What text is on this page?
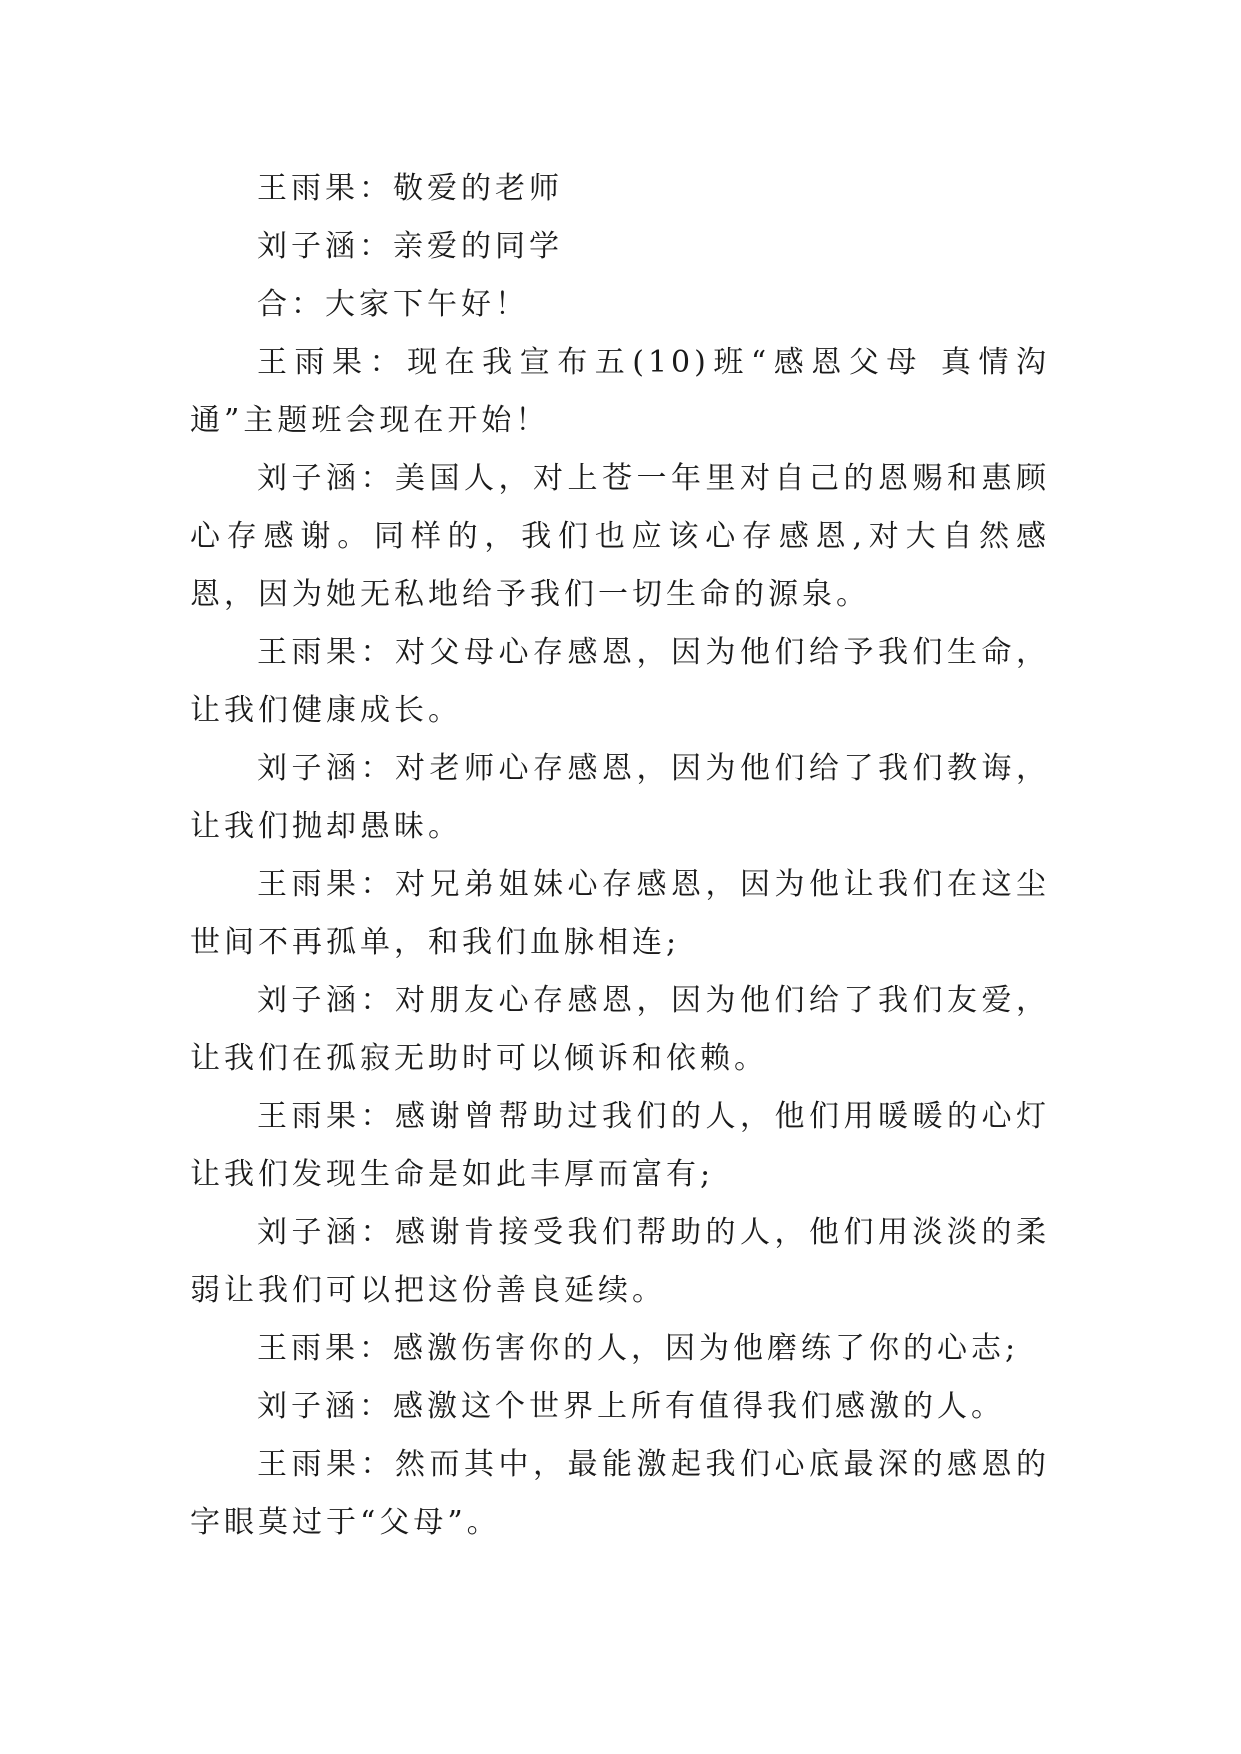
王雨果：敬爱的老师

刘子涵：亲爱的同学

合：大家下午好！

王雨果：现在我宣布五(10)班“感恩父母 真情沟通”主题班会现在开始！

刘子涵：美国人，对上苍一年里对自己的恩赐和惠顾心存感谢。同样的，我们也应该心存感恩,对大自然感恩，因为她无私地给予我们一切生命的源泉。

王雨果：对父母心存感恩，因为他们给予我们生命，让我们健康成长。

刘子涵：对老师心存感恩，因为他们给了我们教诲，让我们抛却愚昧。

王雨果：对兄弟姐妹心存感恩，因为他让我们在这尘世间不再孤单，和我们血脉相连;

刘子涵：对朋友心存感恩，因为他们给了我们友爱，让我们在孤寂无助时可以倾诉和依赖。

王雨果：感谢曾帮助过我们的人，他们用暖暖的心灯让我们发现生命是如此丰厚而富有;

刘子涵：感谢肯接受我们帮助的人，他们用淡淡的柔弱让我们可以把这份善良延续。

王雨果：感激伤害你的人，因为他磨练了你的心志;

刘子涵：感激这个世界上所有值得我们感激的人。

王雨果：然而其中，最能激起我们心底最深的感恩的字眼莫过于“父母”。
